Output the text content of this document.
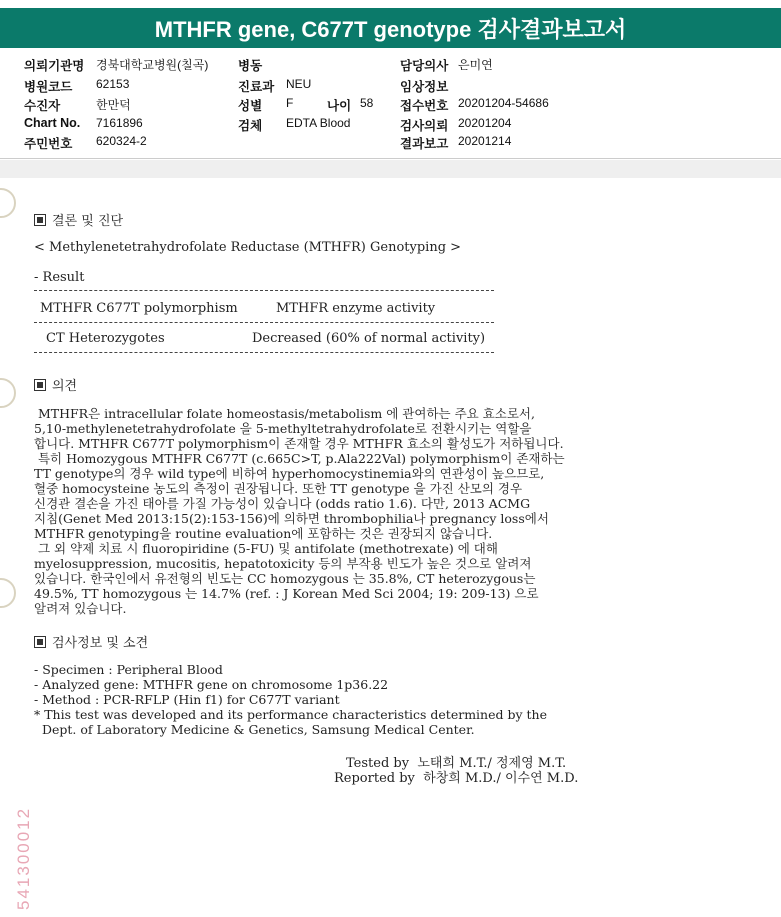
MTHFR gene, C677T genotype 검사결과보고서
의뢰기관명 경북대학교병원(칠곡)
병원코드 62153
수진자	한만덕
Chart No. 7161896
주민번호 620324-2
병동
진료과 NEU
성별 F	나이 58
검체 EDTA Blood
담당의사 은미연
임상정보
접수번호 20201204-54686
검사의뢰 20201204
결과보고 20201214
결론 및 진단
< Methylenetetrahydrofolate Reductase (MTHFR) Genotyping >
- Result
MTHFR C677T polymorphism	MTHFR enzyme activity
CT Heterozygotes	Decreased (60% of normal activity)
의견
MTHFR은 intracellular folate homeostasis/metabolism 에 관여하는 주요 효소로서,
5,10-methylenetetrahydrofolate 을 5-methyltetrahydrofolate로 전환시키는 역할을
합니다. MTHFR C677T polymorphism이 존재할 경우 MTHFR 효소의 활성도가 저하됩니다.
특히 Homozygous MTHFR C677T (c.665C>T, p.Ala222Val) polymorphism이 존재하는
TT genotype의 경우 wild type에 비하여 hyperhomocystinemia와의 연관성이 높으므로,
혈중 homocysteine 농도의 측정이 권장됩니다. 또한 TT genotype 을 가진 산모의 경우
신경관 결손을 가진 태아를 가질 가능성이 있습니다 (odds ratio 1.6). 다만, 2013 ACMG
지침(Genet Med 2013:15(2):153-156)에 의하면 thrombophilia나 pregnancy loss에서
MTHFR genotyping을 routine evaluation에 포함하는 것은 권장되지 않습니다.
그 외 약제 치료 시 fluoropiridine (5-FU) 및 antifolate (methotrexate) 에 대해
myelosuppression, mucositis, hepatotoxicity 등의 부작용 빈도가 높은 것으로 알려져
있습니다. 한국인에서 유전형의 빈도는 CC homozygous 는 35.8%, CT heterozygous는
49.5%, TT homozygous 는 14.7% (ref. : J Korean Med Sci 2004; 19: 209-13) 으로
알려져 있습니다.
검사정보 및 소견
- Specimen : Peripheral Blood
- Analyzed gene: MTHFR gene on chromosome 1p36.22
- Method : PCR-RFLP (Hin f1) for C677T variant
* This test was developed and its performance characteristics determined by the
Dept. of Laboratory Medicine & Genetics, Samsung Medical Center.
Tested by  노태희 M.T./ 정제영 M.T.
Reported by  하창희 M.D./ 이수연 M.D.
541300012
